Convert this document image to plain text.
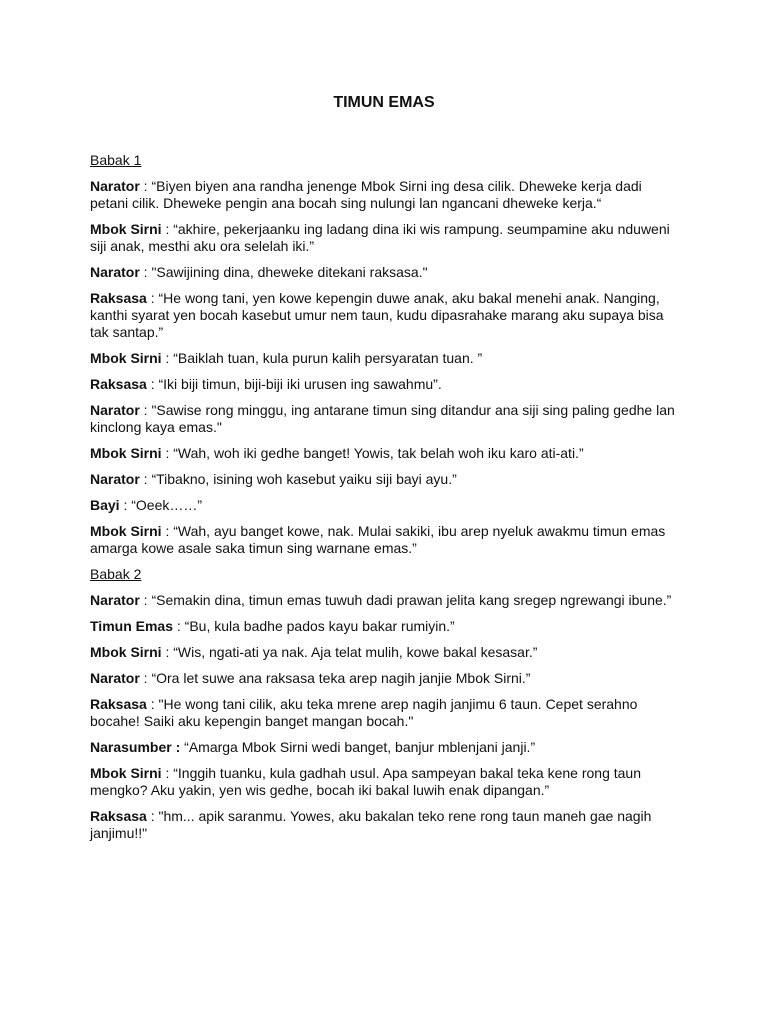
TIMUN EMAS
Babak 1
Narator : “Biyen biyen ana randha jenenge Mbok Sirni ing desa cilik. Dheweke kerja dadi petani cilik. Dheweke pengin ana bocah sing nulungi lan ngancani dheweke kerja.“
Mbok Sirni : “akhire, pekerjaanku ing ladang dina iki wis rampung. seumpamine aku nduweni siji anak, mesthi aku ora selelah iki.”
Narator : "Sawijining dina, dheweke ditekani raksasa."
Raksasa : “He wong tani, yen kowe kepengin duwe anak, aku bakal menehi anak. Nanging, kanthi syarat yen bocah kasebut umur nem taun, kudu dipasrahake marang aku supaya bisa tak santap.”
Mbok Sirni : “Baiklah tuan, kula purun kalih persyaratan tuan. ”
Raksasa : “Iki biji timun, biji-biji iki urusen ing sawahmu”.
Narator : "Sawise rong minggu, ing antarane timun sing ditandur ana siji sing paling gedhe lan kinclong kaya emas."
Mbok Sirni : “Wah, woh iki gedhe banget! Yowis, tak belah woh iku karo ati-ati.”
Narator : “Tibakno, isining woh kasebut yaiku siji bayi ayu.”
Bayi : “Oeek……”
Mbok Sirni : “Wah, ayu banget kowe, nak. Mulai sakiki, ibu arep nyeluk awakmu timun emas amarga kowe asale saka timun sing warnane emas.”
Babak 2
Narator : “Semakin dina, timun emas tuwuh dadi prawan jelita kang sregep ngrewangi ibune.”
Timun Emas : “Bu, kula badhe pados kayu bakar rumiyin.”
Mbok Sirni : “Wis, ngati-ati ya nak. Aja telat mulih, kowe bakal kesasar.”
Narator : “Ora let suwe ana raksasa teka arep nagih janjie Mbok Sirni.”
Raksasa : "He wong tani cilik, aku teka mrene arep nagih janjimu 6 taun. Cepet serahno bocahe! Saiki aku kepengin banget mangan bocah."
Narasumber : “Amarga Mbok Sirni wedi banget, banjur mblenjani janji.”
Mbok Sirni : “Inggih tuanku, kula gadhah usul. Apa sampeyan bakal teka kene rong taun mengko? Aku yakin, yen wis gedhe, bocah iki bakal luwih enak dipangan.”
Raksasa : "hm... apik saranmu. Yowes, aku bakalan teko rene rong taun maneh gae nagih janjimu!!"
